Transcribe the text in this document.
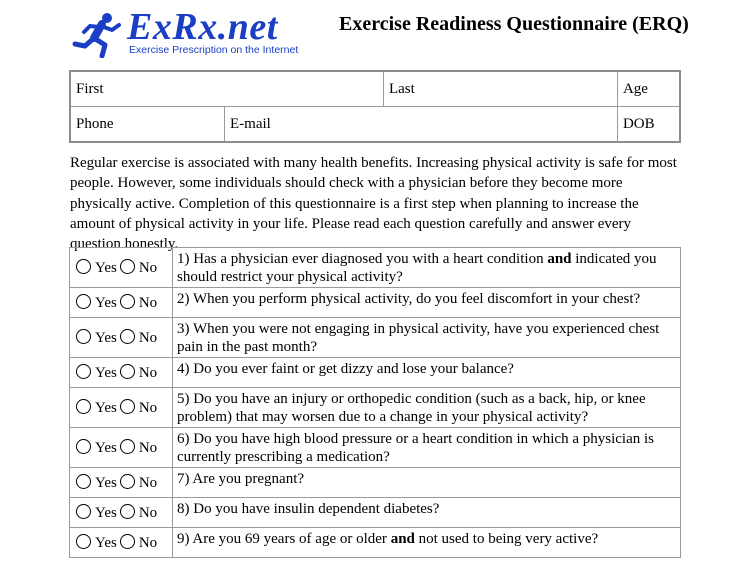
ExRx.net
Exercise Prescription on the Internet
Exercise Readiness Questionnaire (ERQ)
First		Last	Age
Phone	E-mail		DOB
Regular exercise is associated with many health benefits. Increasing physical activity is safe for most people. However, some individuals should check with a physician before they become more physically active. Completion of this questionnaire is a first step when planning to increase the amount of physical activity in your life. Please read each question carefully and answer every question honestly.
Yes No	1) Has a physician ever diagnosed you with a heart condition and indicated you should restrict your physical activity?
Yes No	2) When you perform physical activity, do you feel discomfort in your chest?
Yes No	3) When you were not engaging in physical activity, have you experienced chest pain in the past month?
Yes No	4) Do you ever faint or get dizzy and lose your balance?
Yes No	5) Do you have an injury or orthopedic condition (such as a back, hip, or knee problem) that may worsen due to a change in your physical activity?
Yes No	6) Do you have high blood pressure or a heart condition in which a physician is currently prescribing a medication?
Yes No	7) Are you pregnant?
Yes No	8) Do you have insulin dependent diabetes?
Yes No	9) Are you 69 years of age or older and not used to being very active?
